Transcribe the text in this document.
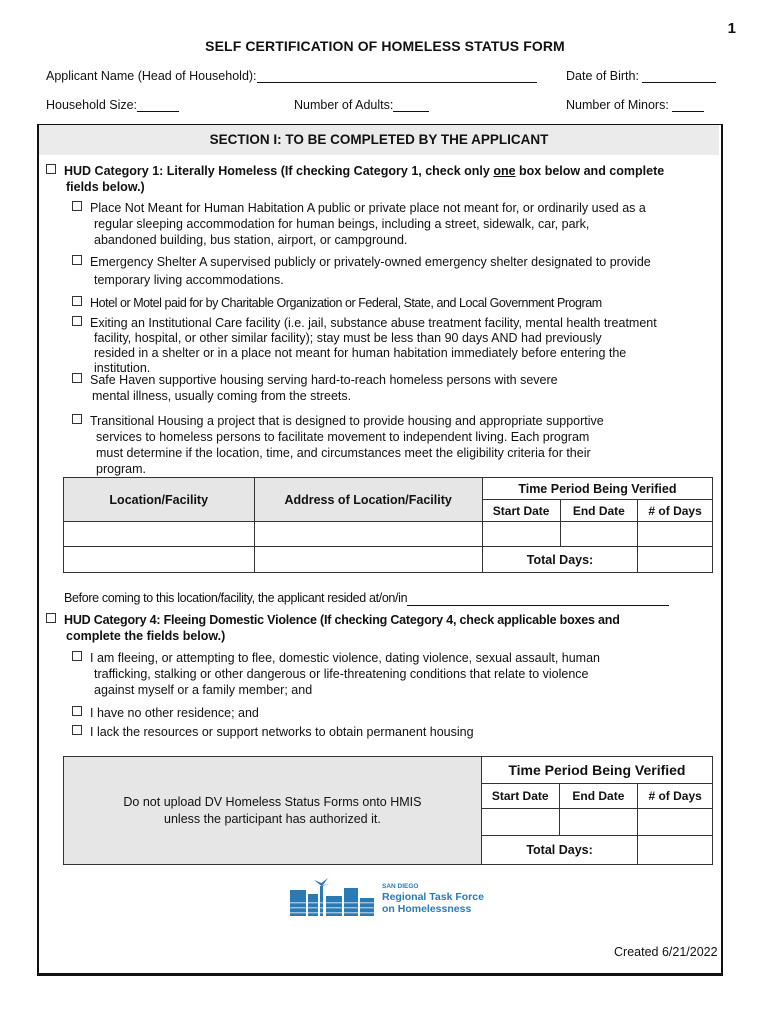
1
SELF CERTIFICATION OF HOMELESS STATUS FORM
Applicant Name (Head of Household):	Date of Birth:
Household Size:	Number of Adults:	Number of Minors:
SECTION I: TO BE COMPLETED BY THE APPLICANT
HUD Category 1: Literally Homeless (If checking Category 1, check only one box below and complete
fields below.)
Place Not Meant for Human Habitation A public or private place not meant for, or ordinarily used as a
regular sleeping accommodation for human beings, including a street, sidewalk, car, park,
abandoned building, bus station, airport, or campground.
Emergency Shelter A supervised publicly or privately-owned emergency shelter designated to provide
temporary living accommodations.
Hotel or Motel paid for by Charitable Organization or Federal, State, and Local Government Program
Exiting an Institutional Care facility (i.e. jail, substance abuse treatment facility, mental health treatment
facility, hospital, or other similar facility); stay must be less than 90 days AND had previously
resided in a shelter or in a place not meant for human habitation immediately before entering the
institution.
Safe Haven supportive housing serving hard-to-reach homeless persons with severe
mental illness, usually coming from the streets.
Transitional Housing a project that is designed to provide housing and appropriate supportive
services to homeless persons to facilitate movement to independent living. Each program
must determine if the location, time, and circumstances meet the eligibility criteria for their
program.
Location/Facility	Address of Location/Facility	Time Period Being Verified		
		Start Date	End Date	# of Days

		Total Days:		
Before coming to this location/facility, the applicant resided at/on/in
HUD Category 4: Fleeing Domestic Violence (If checking Category 4, check applicable boxes and
complete the fields below.)
I am fleeing, or attempting to flee, domestic violence, dating violence, sexual assault, human
trafficking, stalking or other dangerous or life-threatening conditions that relate to violence
against myself or a family member; and
I have no other residence; and
I lack the resources or support networks to obtain permanent housing
Do not upload DV Homeless Status Forms onto HMIS
unless the participant has authorized it.	Time Period Being Verified		
	Start Date	End Date	# of Days

	Total Days:		
SAN DIEGO
Regional Task Force
on Homelessness
Created 6/21/2022
